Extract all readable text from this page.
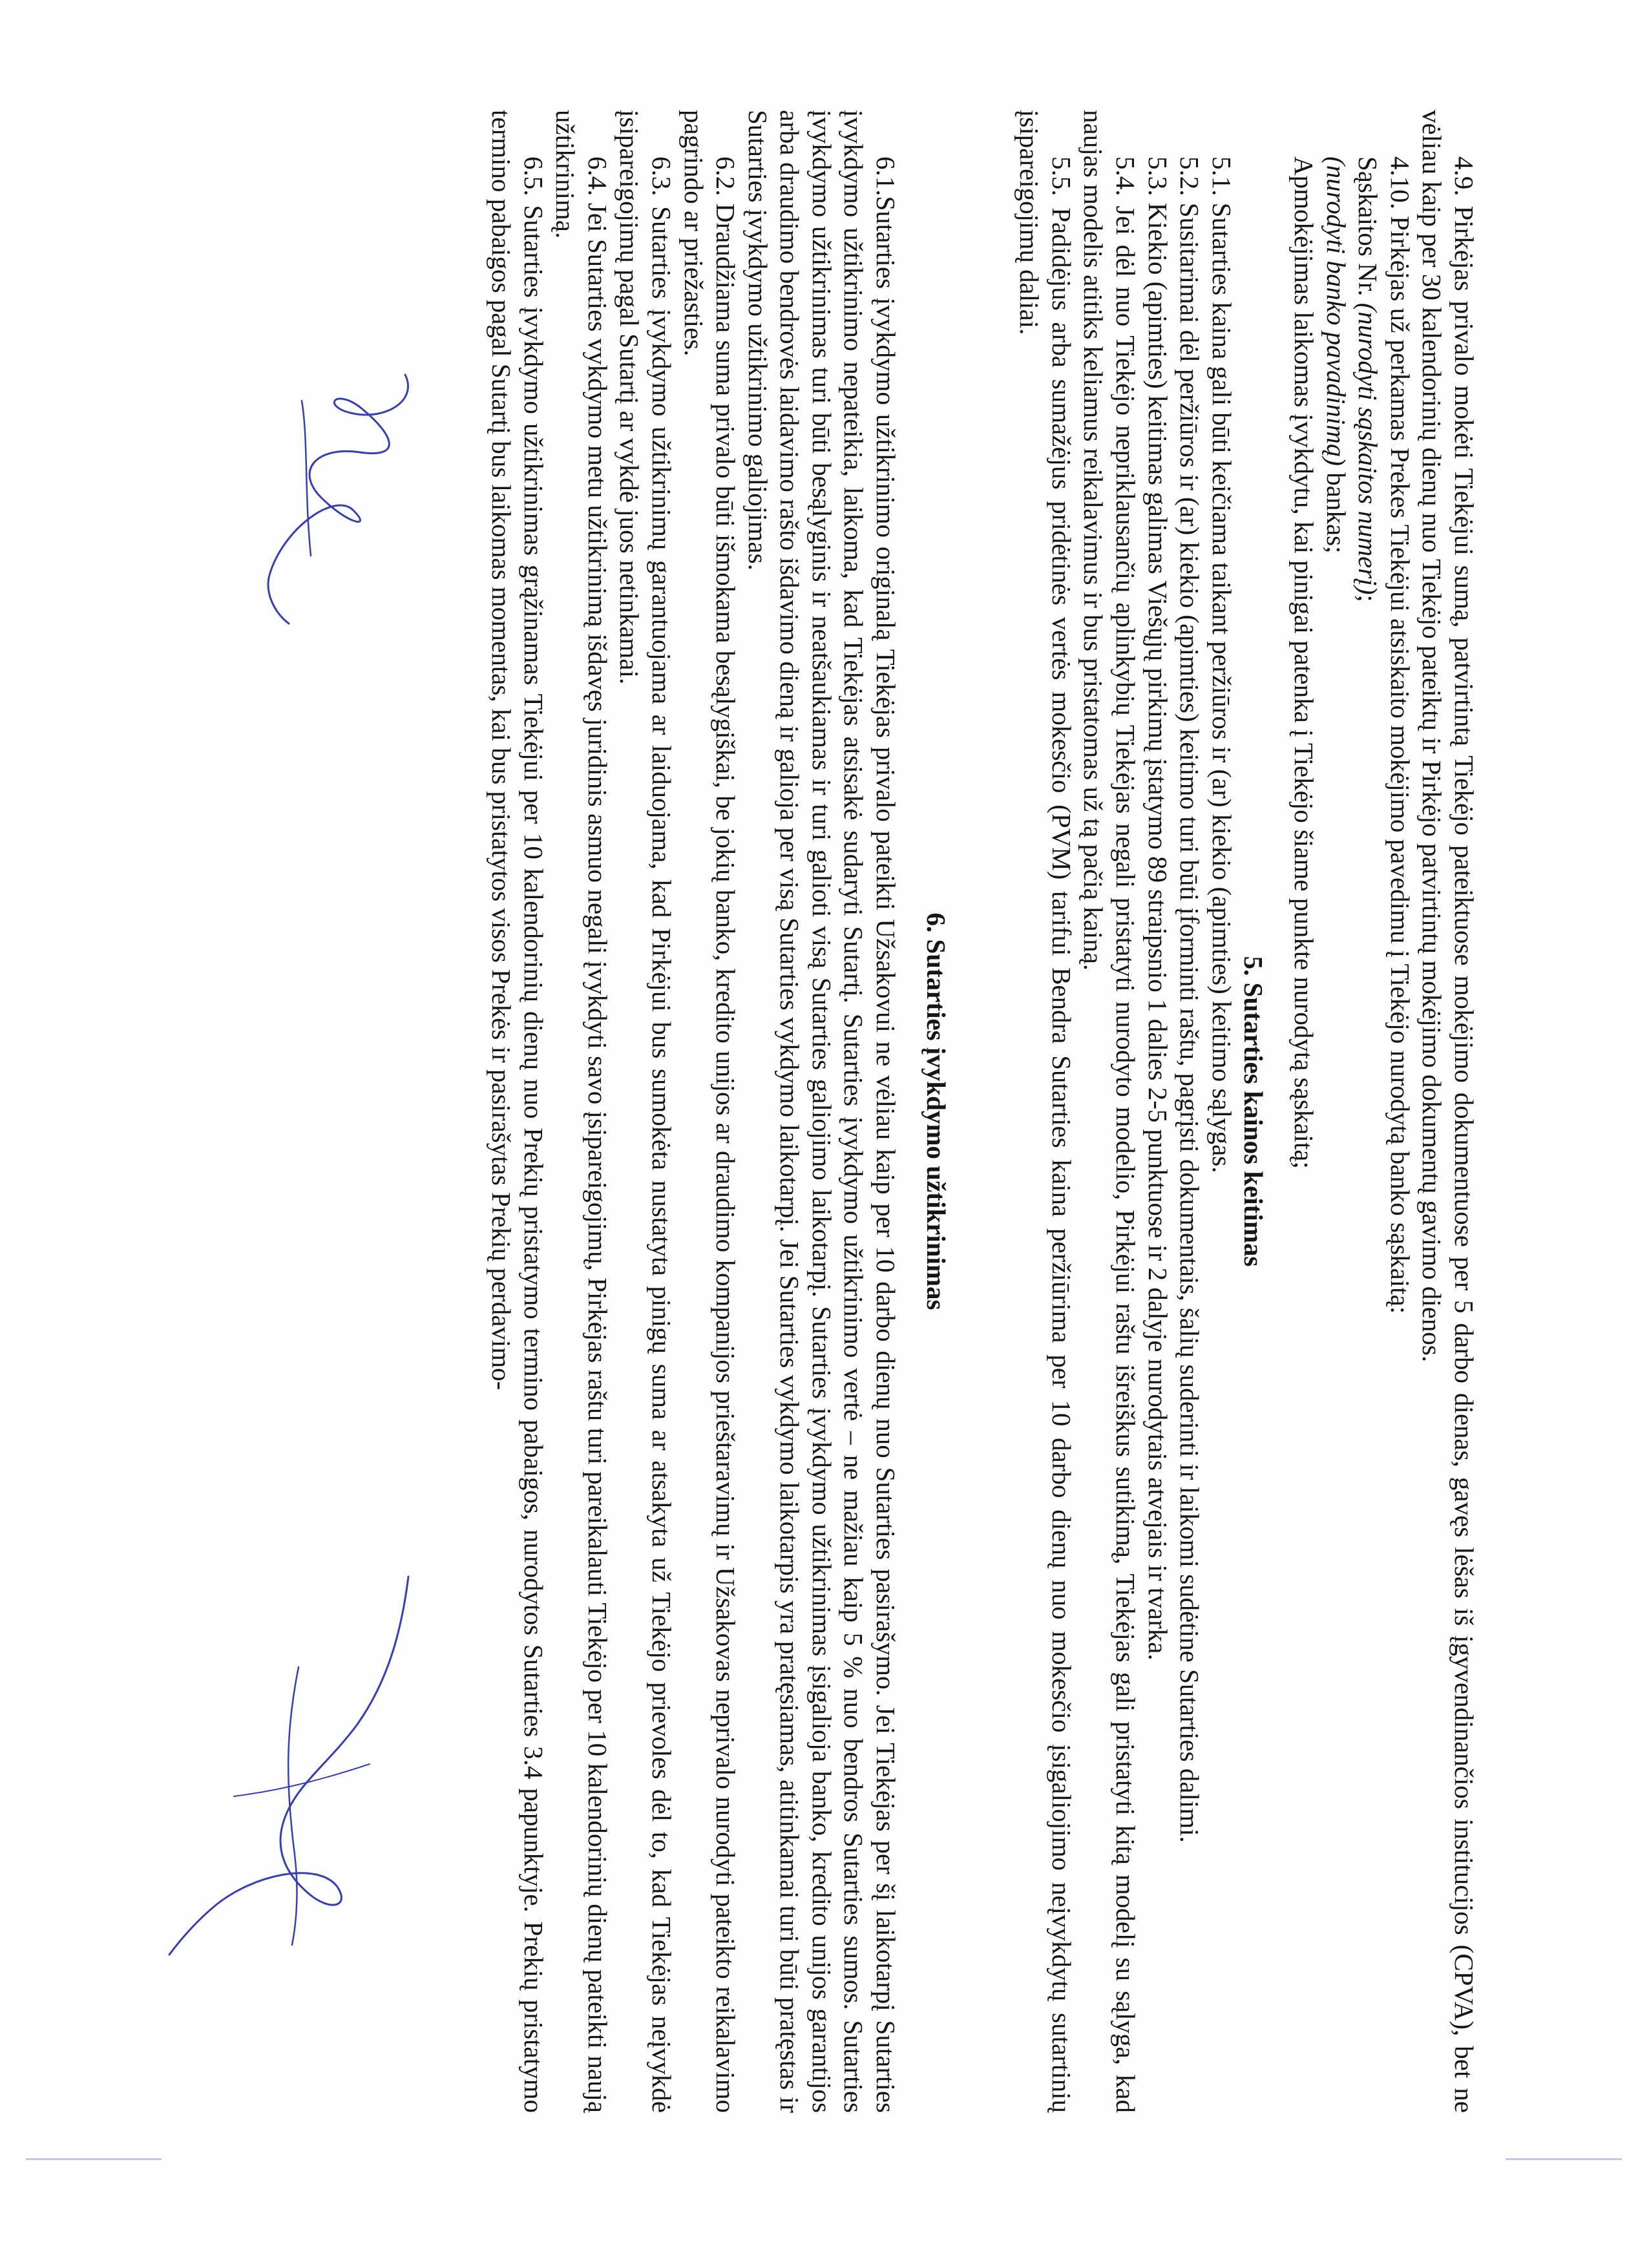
4.9. Pirkėjas privalo mokėti Tiekėjui sumą, patvirtintą Tiekėjo pateiktuose mokėjimo dokumentuose per 5 darbo dienas, gavęs lėšas iš įgyvendinančios institucijos (CPVA), bet ne vėliau kaip per 30 kalendorinių dienų nuo Tiekėjo pateiktų ir Pirkėjo patvirtintų mokėjimo dokumentų gavimo dienos.

4.10. Pirkėjas už perkamas Prekes Tiekėjui atsiskaito mokėjimo pavedimu į Tiekėjo nurodytą banko sąskaitą:

Sąskaitos Nr. (nurodyti sąskaitos numerį);

(nurodyti banko pavadinimą) bankas;

Apmokėjimas laikomas įvykdytu, kai pinigai patenka į Tiekėjo šiame punkte nurodytą sąskaitą;

5. Sutarties kainos keitimas

5.1. Sutarties kaina gali būti keičiama taikant peržiūros ir (ar) kiekio (apimties) keitimo sąlygas.

5.2. Susitarimai dėl peržiūros ir (ar) kiekio (apimties) keitimo turi būti įforminti raštu, pagrįsti dokumentais, šalių suderinti ir laikomi sudėtine Sutarties dalimi.

5.3. Kiekio (apimties) keitimas galimas Viešųjų pirkimų įstatymo 89 straipsnio 1 dalies 2-5 punktuose ir 2 dalyje nurodytais atvejais ir tvarka.

5.4. Jei dėl nuo Tiekėjo nepriklausančių aplinkybių Tiekėjas negali pristatyti nurodyto modelio, Pirkėjui raštu išreiškus sutikimą, Tiekėjas gali pristatyti kitą modelį su sąlyga, kad naujas modelis atitiks keliamus reikalavimus ir bus pristatomas už tą pačią kainą.

5.5. Padidėjus arba sumažėjus pridėtinės vertės mokesčio (PVM) tarifui Bendra Sutarties kaina peržiūrima per 10 darbo dienų nuo mokesčio įsigaliojimo neįvykdytų sutartinių įsipareigojimų daliai.

6. Sutarties įvykdymo užtikrinimas

6.1.Sutarties įvykdymo užtikrinimo originalą Tiekėjas privalo pateikti Užsakovui ne vėliau kaip per 10 darbo dienų nuo Sutarties pasirašymo. Jei Tiekėjas per šį laikotarpį Sutarties įvykdymo užtikrinimo nepateikia, laikoma, kad Tiekėjas atsisakė sudaryti Sutartį. Sutarties įvykdymo užtikrinimo vertė – ne mažiau kaip 5 % nuo bendros Sutarties sumos. Sutarties įvykdymo užtikrinimas turi būti besąlyginis ir neatšaukiamas ir turi galioti visą Sutarties galiojimo laikotarpį. Sutarties įvykdymo užtikrinimas įsigalioja banko, kredito unijos garantijos arba draudimo bendrovės laidavimo rašto išdavimo dieną ir galioja per visą Sutarties vykdymo laikotarpį. Jei Sutarties vykdymo laikotarpis yra pratęsiamas, atitinkamai turi būti pratęstas ir Sutarties įvykdymo užtikrinimo galiojimas.

6.2. Draudžiama suma privalo būti išmokama besąlygiškai, be jokių banko, kredito unijos ar draudimo kompanijos prieštaravimų ir Užsakovas neprivalo nurodyti pateikto reikalavimo pagrindo ar priežasties.

6.3. Sutarties įvykdymo užtikrinimų garantuojama ar laiduojama, kad Pirkėjui bus sumokėta nustatyta pinigų suma ar atsakyta už Tiekėjo prievoles dėl to, kad Tiekėjas neįvykdė įsipareigojimų pagal Sutartį ar vykdė juos netinkamai.

6.4. Jei Sutarties vykdymo metu užtikrinimą išdavęs juridinis asmuo negali įvykdyti savo įsipareigojimų, Pirkėjas raštu turi pareikalauti Tiekėjo per 10 kalendorinių dienų pateikti naują užtikrinimą.

6.5. Sutarties įvykdymo užtikrinimas grąžinamas Tiekėjui per 10 kalendorinių dienų nuo Prekių pristatymo termino pabaigos, nurodytos Sutarties 3.4 papunktyje. Prekių pristatymo termino pabaigos pagal Sutartį bus laikomas momentas, kai bus pristatytos visos Prekės ir pasirašytas Prekių perdavimo-
